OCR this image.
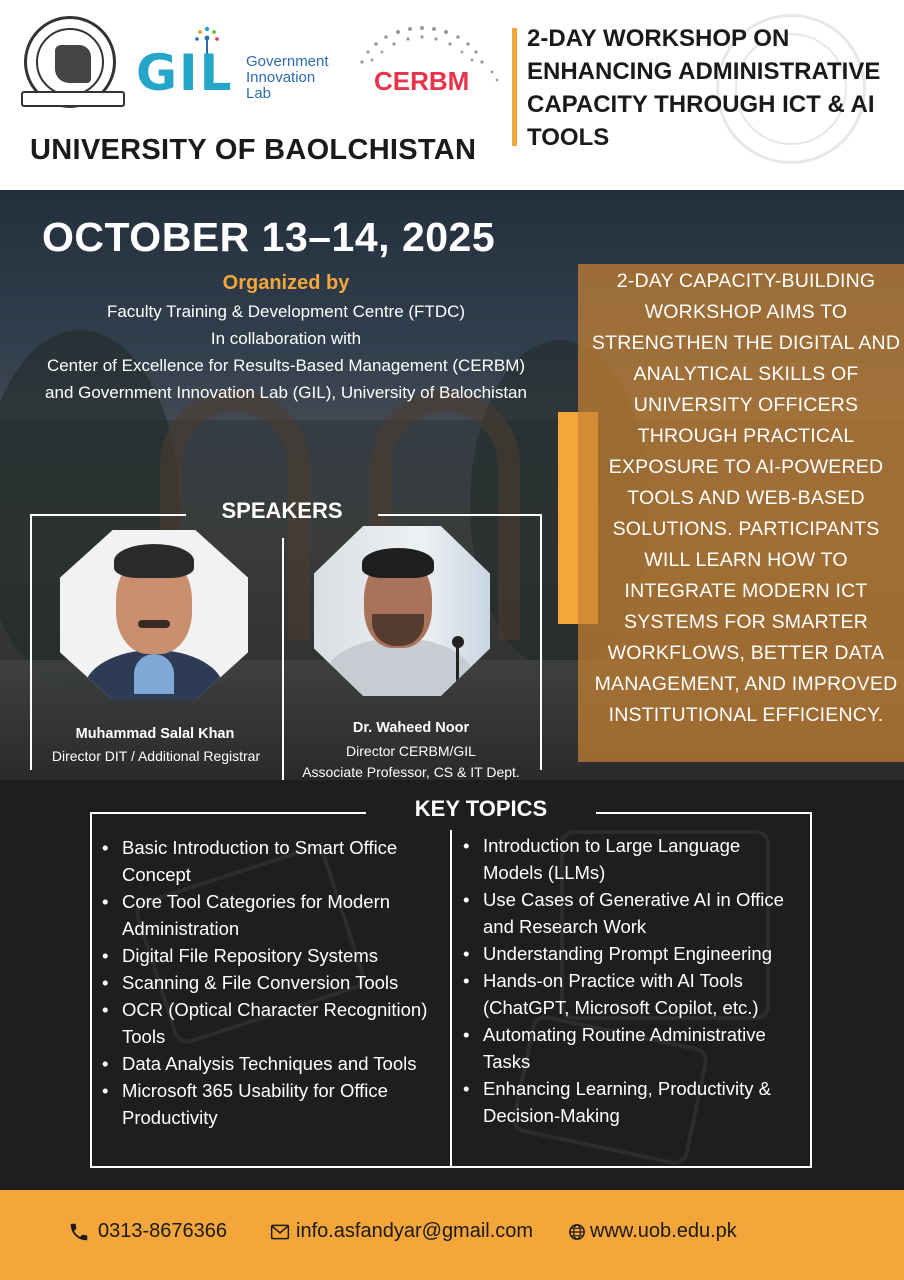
GIL Government
Innovation
Lab	CERBM
UNIVERSITY OF BAOLCHISTAN
2-DAY WORKSHOP ON ENHANCING ADMINISTRATIVE CAPACITY THROUGH ICT & AI TOOLS
OCTOBER 13–14, 2025
Organized by
Faculty Training & Development Centre (FTDC)
In collaboration with
Center of Excellence for Results-Based Management (CERBM)
and Government Innovation Lab (GIL), University of Balochistan
2-DAY CAPACITY-BUILDING WORKSHOP AIMS TO STRENGTHEN THE DIGITAL AND ANALYTICAL SKILLS OF UNIVERSITY OFFICERS THROUGH PRACTICAL EXPOSURE TO AI-POWERED TOOLS AND WEB-BASED SOLUTIONS. PARTICIPANTS WILL LEARN HOW TO INTEGRATE MODERN ICT SYSTEMS FOR SMARTER WORKFLOWS, BETTER DATA MANAGEMENT, AND IMPROVED INSTITUTIONAL EFFICIENCY.
SPEAKERS
Muhammad Salal Khan
Director DIT / Additional Registrar
Dr. Waheed Noor
Director CERBM/GIL
Associate Professor, CS & IT Dept.
KEY TOPICS
• Basic Introduction to Smart Office Concept
• Core Tool Categories for Modern Administration
• Digital File Repository Systems
• Scanning & File Conversion Tools
• OCR (Optical Character Recognition) Tools
• Data Analysis Techniques and Tools
• Microsoft 365 Usability for Office Productivity
• Introduction to Large Language Models (LLMs)
• Use Cases of Generative AI in Office and Research Work
• Understanding Prompt Engineering
• Hands-on Practice with AI Tools (ChatGPT, Microsoft Copilot, etc.)
• Automating Routine Administrative Tasks
• Enhancing Learning, Productivity & Decision-Making
0313-8676366	info.asfandyar@gmail.com	www.uob.edu.pk
